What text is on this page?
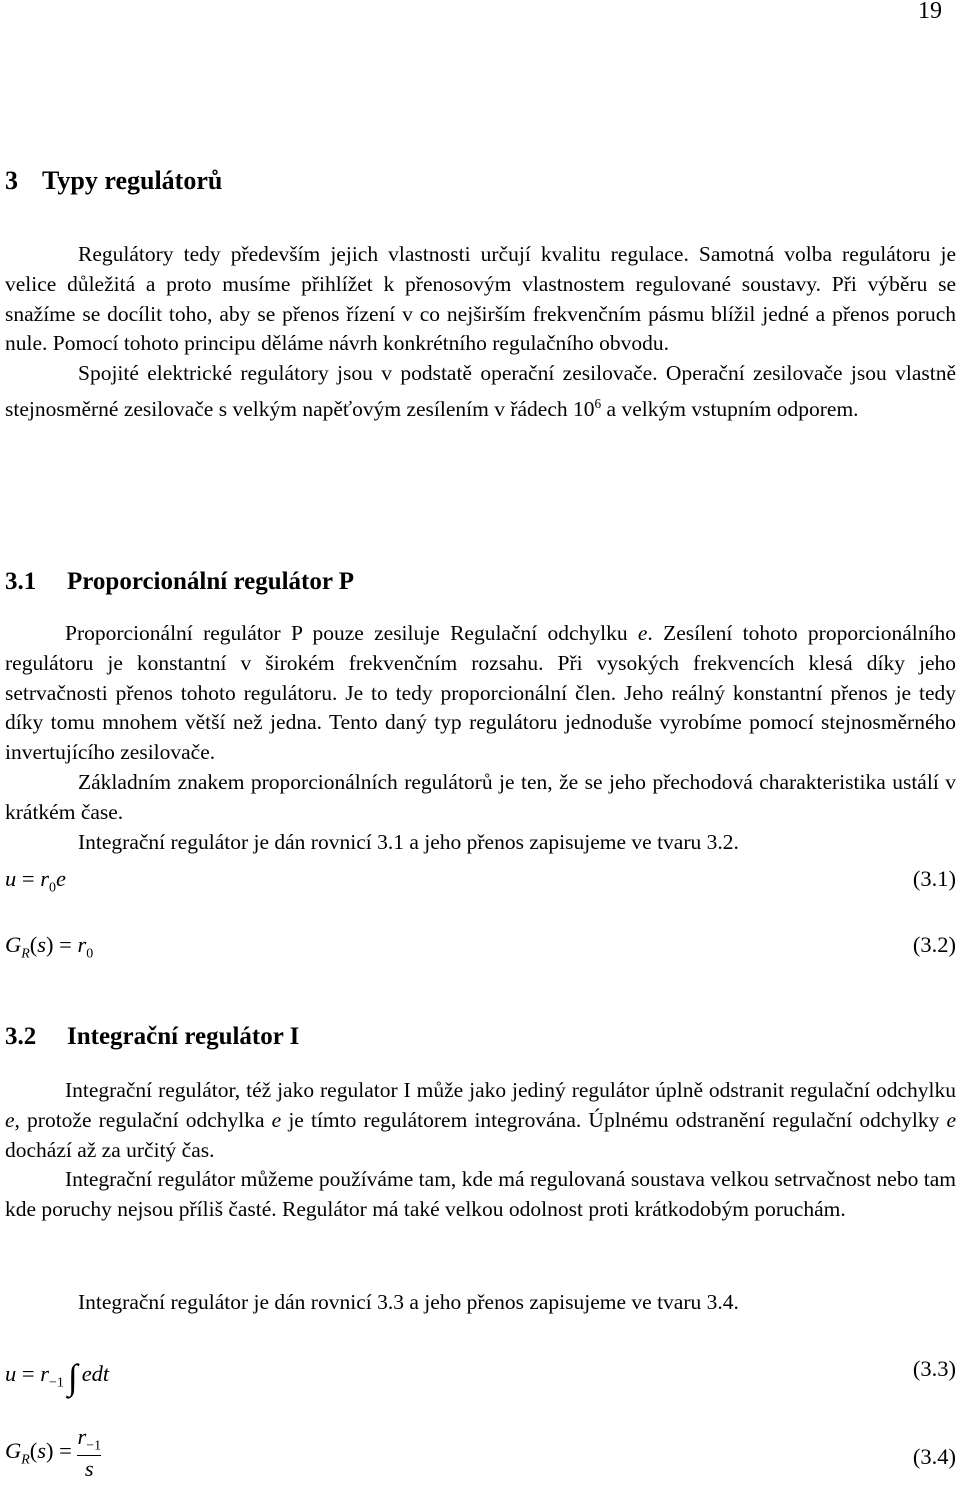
19
3 Typy regulátorů

Regulátory tedy především jejich vlastnosti určují kvalitu regulace. Samotná volba regulátoru je velice důležitá a proto musíme přihlížet k přenosovým vlastnostem regulované soustavy. Při výběru se snažíme se docílit toho, aby se přenos řízení v co nejširším frekvenčním pásmu blížil jedné a přenos poruch nule. Pomocí tohoto principu děláme návrh konkrétního regulačního obvodu.

Spojité elektrické regulátory jsou v podstatě operační zesilovače. Operační zesilovače jsou vlastně stejnosměrné zesilovače s velkým napěťovým zesílením v řádech $10^6$ a velkým vstupním odporem.

3.1 Proporcionální regulátor P

Proporcionální regulátor P pouze zesiluje Regulační odchylku e. Zesílení tohoto proporcionálního regulátoru je konstantní v širokém frekvenčním rozsahu. Při vysokých frekvencích klesá díky jeho setrvačnosti přenos tohoto regulátoru. Je to tedy proporcionální člen. Jeho reálný konstantní přenos je tedy díky tomu mnohem větší než jedna. Tento daný typ regulátoru jednoduše vyrobíme pomocí stejnosměrného invertujícího zesilovače.

Základním znakem proporcionálních regulátorů je ten, že se jeho přechodová charakteristika ustálí v krátkém čase.

Integrační regulátor je dán rovnicí 3.1 a jeho přenos zapisujeme ve tvaru 3.2.
$u = r_0e$	(3.1)
$G_R(s) = r_0$	(3.2)
3.2 Integrační regulátor I

Integrační regulátor, též jako regulator I může jako jediný regulátor úplně odstranit regulační odchylku e, protože regulační odchylka e je tímto regulátorem integrována. Úplnému odstranění regulační odchylky e dochází až za určitý čas.

Integrační regulátor můžeme používáme tam, kde má regulovaná soustava velkou setrvačnost nebo tam kde poruchy nejsou příliš časté. Regulátor má také velkou odolnost proti krátkodobým poruchám.

Integrační regulátor je dán rovnicí 3.3 a jeho přenos zapisujeme ve tvaru 3.4.
$u = r_{-1}$ ∫ edt	(3.3)
$G_R(s) = \frac{r_{-1}}{s}$	(3.4)
